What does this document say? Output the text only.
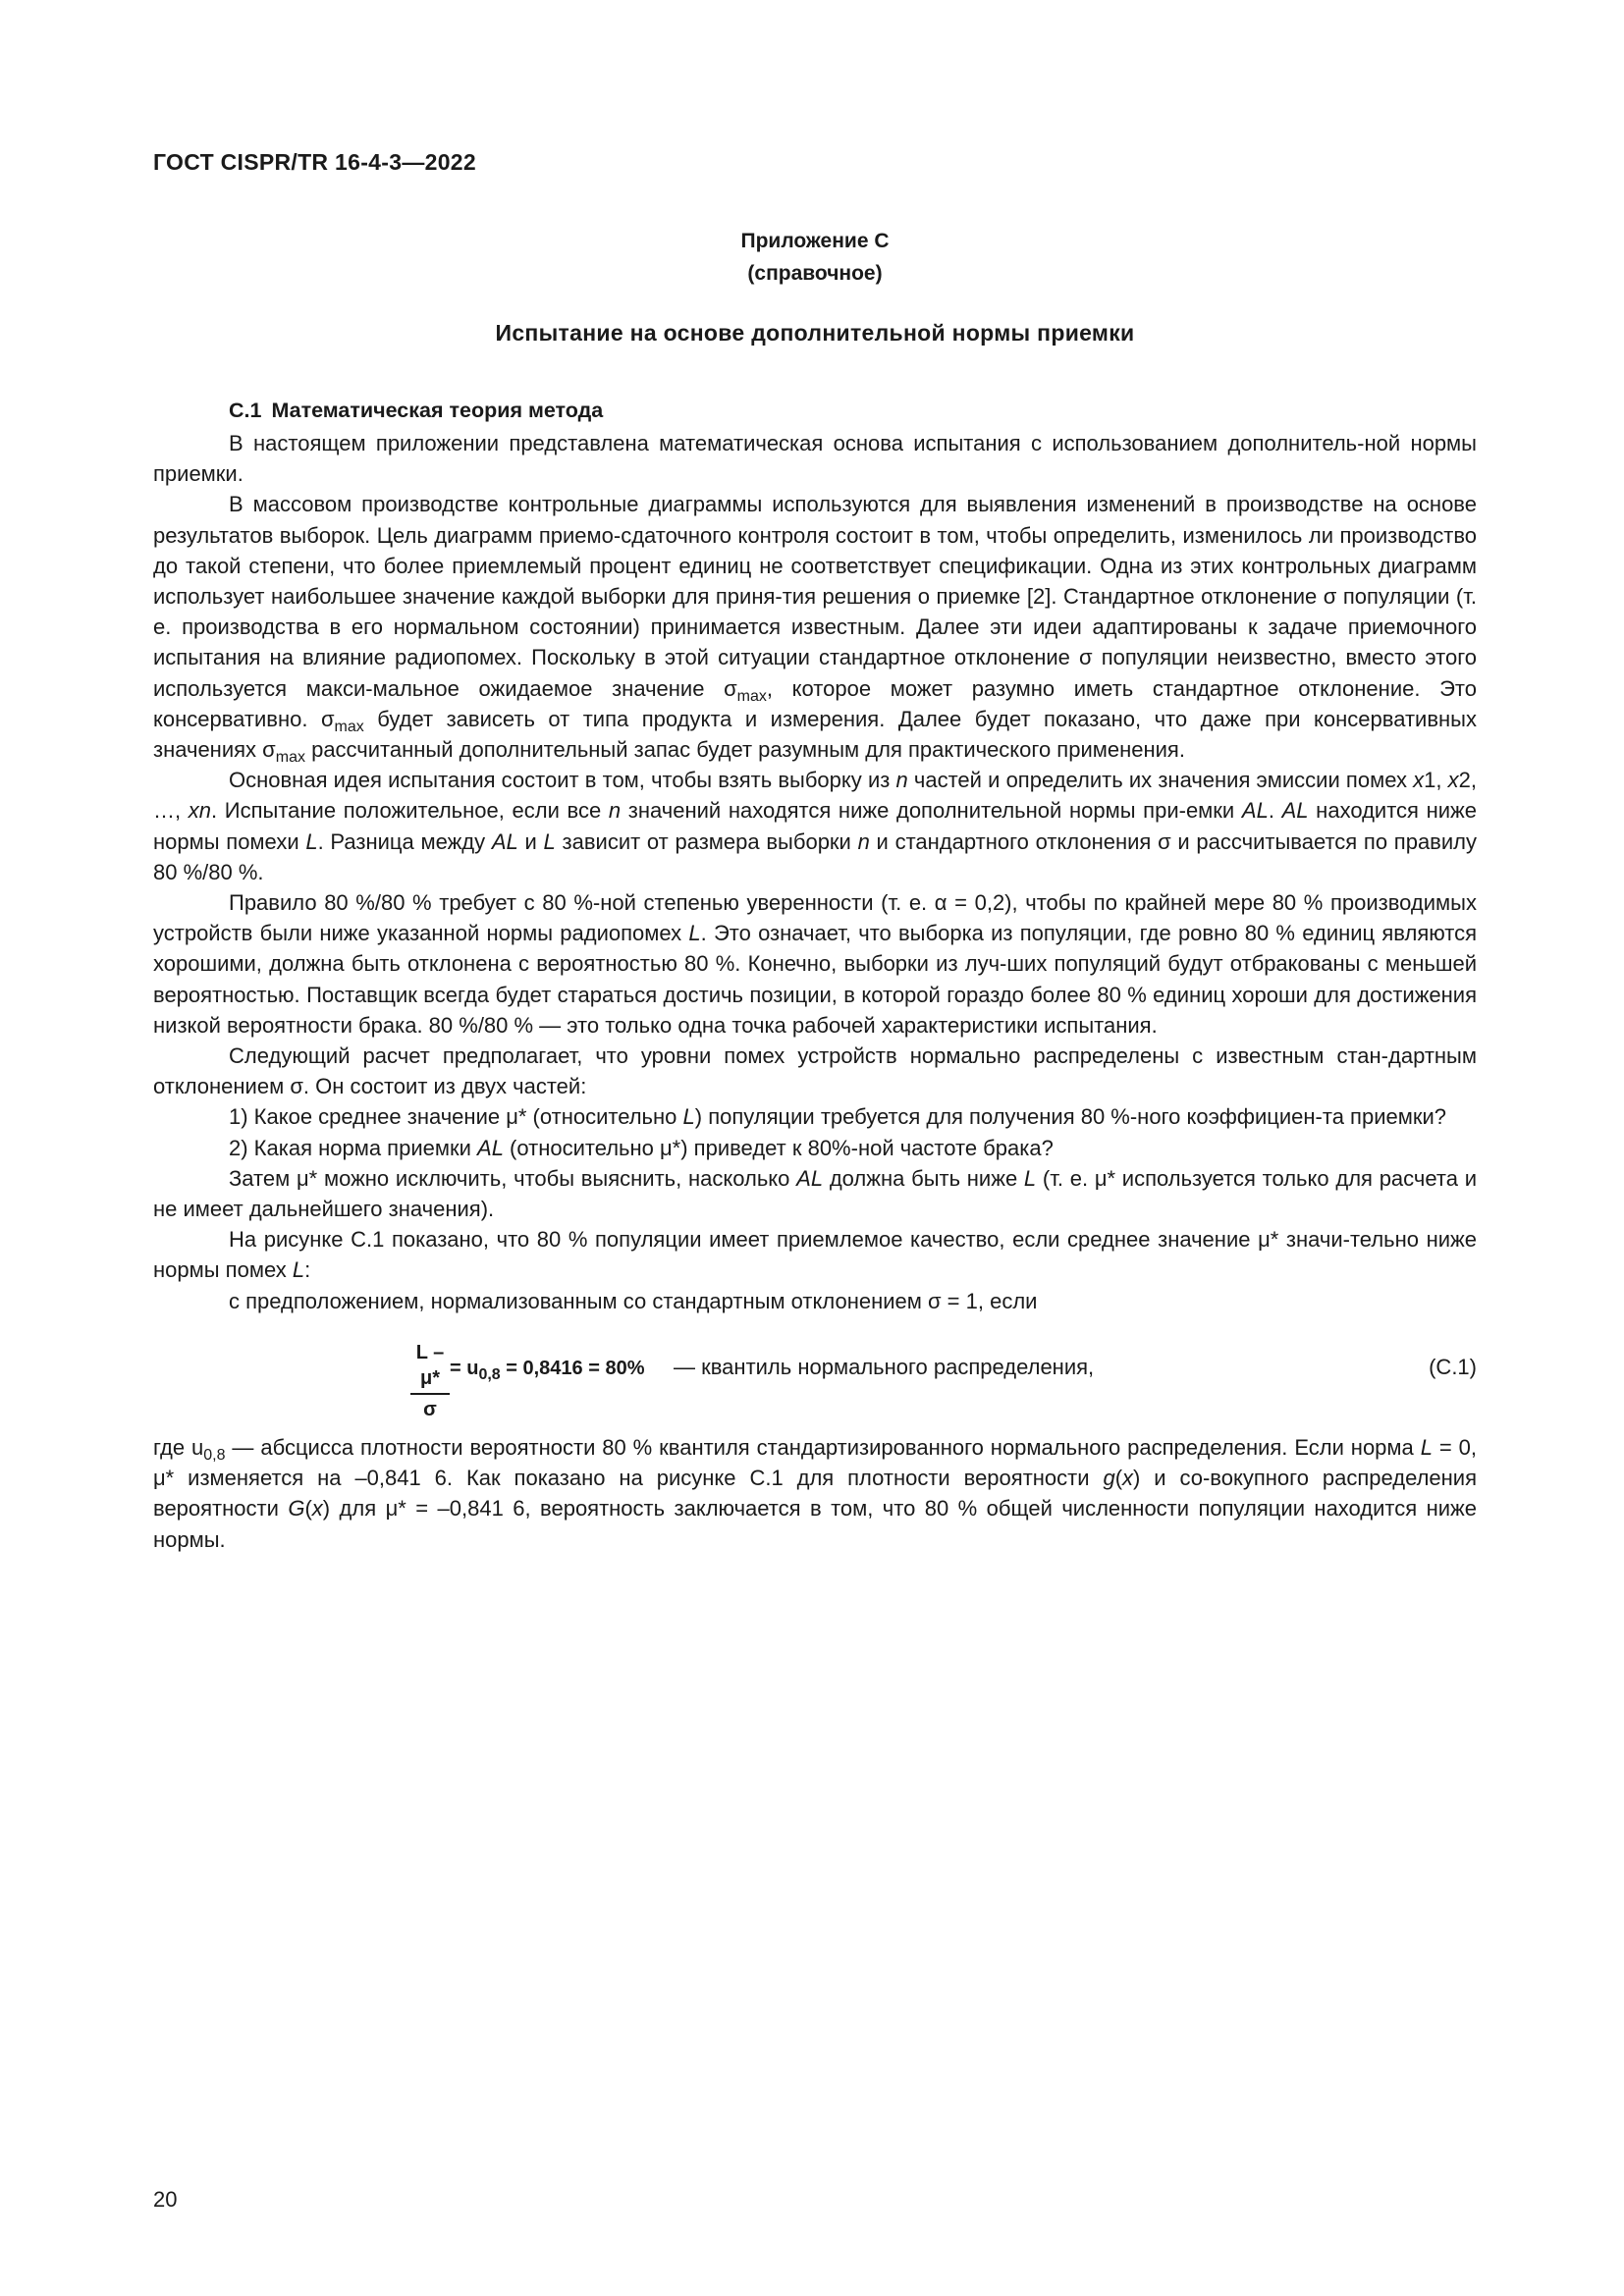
ГОСТ CISPR/TR 16-4-3—2022
Приложение С
(справочное)
Испытание на основе дополнительной нормы приемки
С.1 Математическая теория метода

В настоящем приложении представлена математическая основа испытания с использованием дополнитель-ной нормы приемки.

В массовом производстве контрольные диаграммы используются для выявления изменений в производстве на основе результатов выборок. Цель диаграмм приемо-сдаточного контроля состоит в том, чтобы определить, изменилось ли производство до такой степени, что более приемлемый процент единиц не соответствует спецификации. Одна из этих контрольных диаграмм использует наибольшее значение каждой выборки для приня-тия решения о приемке [2]. Стандартное отклонение σ популяции (т. е. производства в его нормальном состоянии) принимается известным. Далее эти идеи адаптированы к задаче приемочного испытания на влияние радиопомех. Поскольку в этой ситуации стандартное отклонение σ популяции неизвестно, вместо этого используется макси-мальное ожидаемое значение $\sigma_{max}$, которое может разумно иметь стандартное отклонение. Это консервативно. $\sigma_{max}$ будет зависеть от типа продукта и измерения. Далее будет показано, что даже при консервативных значениях $\sigma_{max}$ рассчитанный дополнительный запас будет разумным для практического применения.

Основная идея испытания состоит в том, чтобы взять выборку из n частей и определить их значения эмиссии помех x1, x2, …, xn. Испытание положительное, если все n значений находятся ниже дополнительной нормы при-емки AL. AL находится ниже нормы помехи L. Разница между AL и L зависит от размера выборки n и стандартного отклонения σ и рассчитывается по правилу 80 %/80 %.

Правило 80 %/80 % требует с 80 %-ной степенью уверенности (т. е. α = 0,2), чтобы по крайней мере 80 % производимых устройств были ниже указанной нормы радиопомех L. Это означает, что выборка из популяции, где ровно 80 % единиц являются хорошими, должна быть отклонена с вероятностью 80 %. Конечно, выборки из луч-ших популяций будут отбракованы с меньшей вероятностью. Поставщик всегда будет стараться достичь позиции, в которой гораздо более 80 % единиц хороши для достижения низкой вероятности брака. 80 %/80 % — это только одна точка рабочей характеристики испытания.

Следующий расчет предполагает, что уровни помех устройств нормально распределены с известным стан-дартным отклонением σ. Он состоит из двух частей:

1) Какое среднее значение μ* (относительно L) популяции требуется для получения 80 %-ного коэффициен-та приемки?

2) Какая норма приемки AL (относительно μ*) приведет к 80%-ной частоте брака?

Затем μ* можно исключить, чтобы выяснить, насколько AL должна быть ниже L (т. е. μ* используется только для расчета и не имеет дальнейшего значения).

На рисунке С.1 показано, что 80 % популяции имеет приемлемое качество, если среднее значение μ* значи-тельно ниже нормы помех L:

с предположением, нормализованным со стандартным отклонением σ = 1, если

$\frac{L - \mu*}{\sigma} = u_{0,8} = 0,8416 = 80\%$ — квантиль нормального распределения,	(С.1)

где $u_{0,8}$ — абсцисса плотности вероятности 80 % квантиля стандартизированного нормального распределения. Если норма L = 0, μ* изменяется на –0,841 6. Как показано на рисунке С.1 для плотности вероятности g(x) и со-вокупного распределения вероятности G(x) для μ* = –0,841 6, вероятность заключается в том, что 80 % общей численности популяции находится ниже нормы.

20
